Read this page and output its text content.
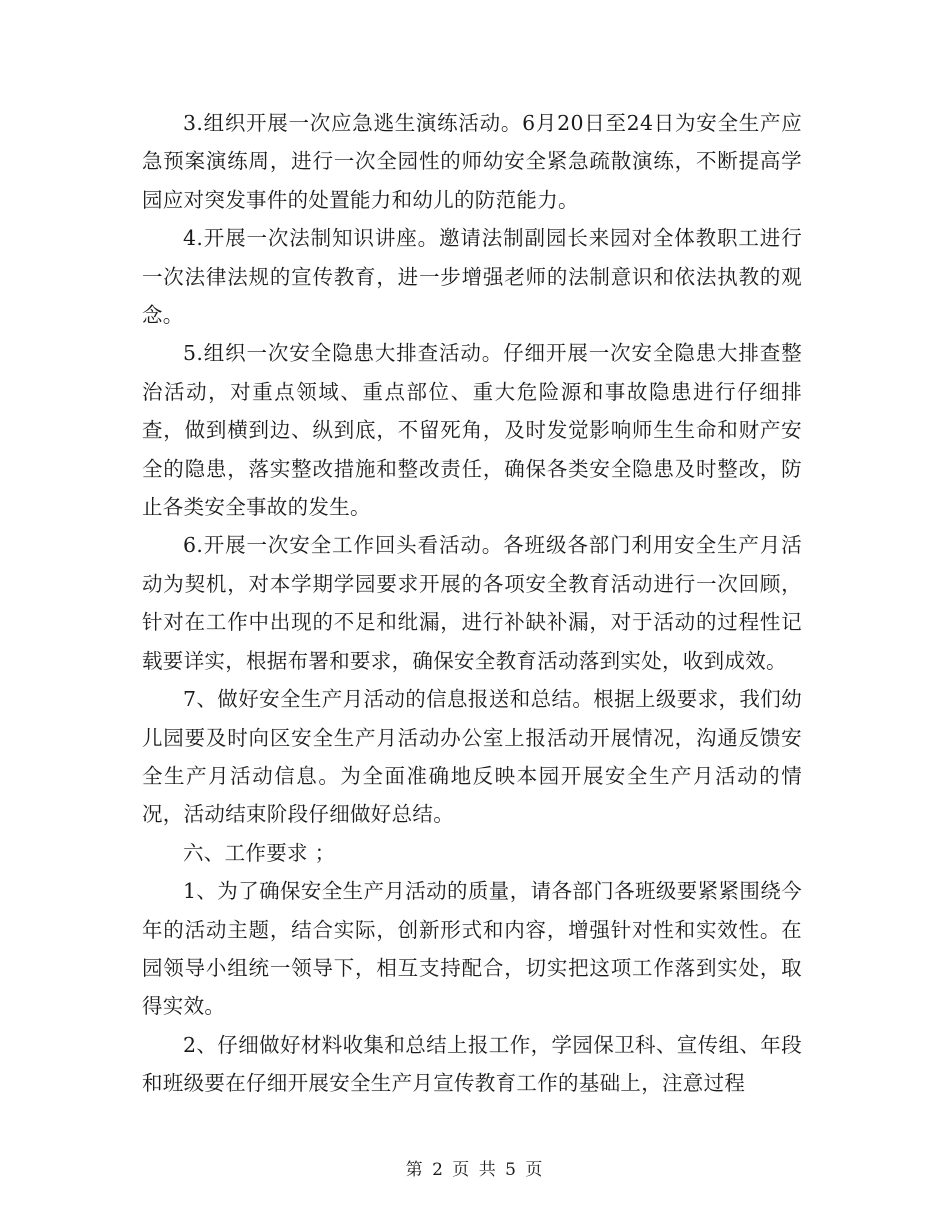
3.组织开展一次应急逃生演练活动。6月20日至24日为安全生产应急预案演练周，进行一次全园性的师幼安全紧急疏散演练，不断提高学园应对突发事件的处置能力和幼儿的防范能力。

4.开展一次法制知识讲座。邀请法制副园长来园对全体教职工进行一次法律法规的宣传教育，进一步增强老师的法制意识和依法执教的观念。

5.组织一次安全隐患大排查活动。仔细开展一次安全隐患大排查整治活动，对重点领域、重点部位、重大危险源和事故隐患进行仔细排查，做到横到边、纵到底，不留死角，及时发觉影响师生生命和财产安全的隐患，落实整改措施和整改责任，确保各类安全隐患及时整改，防止各类安全事故的发生。

6.开展一次安全工作回头看活动。各班级各部门利用安全生产月活动为契机，对本学期学园要求开展的各项安全教育活动进行一次回顾，针对在工作中出现的不足和纰漏，进行补缺补漏，对于活动的过程性记载要详实，根据布署和要求，确保安全教育活动落到实处，收到成效。

7、做好安全生产月活动的信息报送和总结。根据上级要求，我们幼儿园要及时向区安全生产月活动办公室上报活动开展情况，沟通反馈安全生产月活动信息。为全面准确地反映本园开展安全生产月活动的情况，活动结束阶段仔细做好总结。

六、工作要求 ；

1、为了确保安全生产月活动的质量，请各部门各班级要紧紧围绕今年的活动主题，结合实际，创新形式和内容，增强针对性和实效性。在园领导小组统一领导下，相互支持配合，切实把这项工作落到实处，取得实效。

2、仔细做好材料收集和总结上报工作，学园保卫科、宣传组、年段和班级要在仔细开展安全生产月宣传教育工作的基础上，注意过程

第 2 页 共 5 页
